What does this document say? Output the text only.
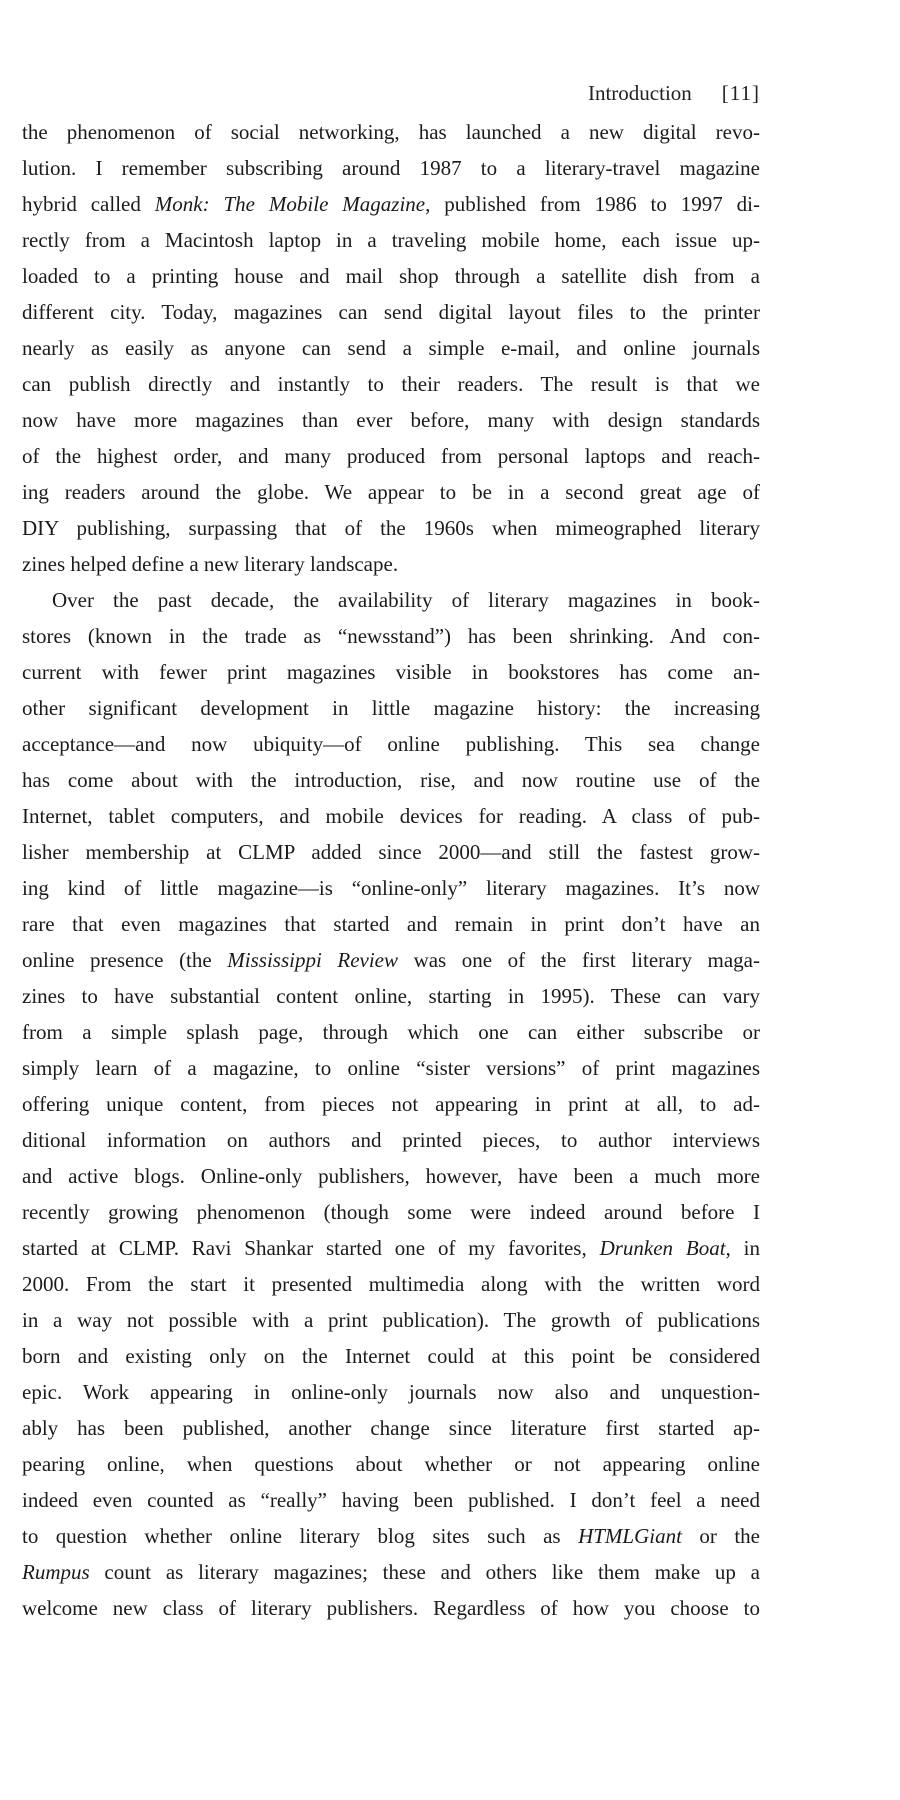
Introduction [11]
the phenomenon of social networking, has launched a new digital revo-
lution. I remember subscribing around 1987 to a literary-travel magazine
hybrid called Monk: The Mobile Magazine, published from 1986 to 1997 di-
rectly from a Macintosh laptop in a traveling mobile home, each issue up-
loaded to a printing house and mail shop through a satellite dish from a
different city. Today, magazines can send digital layout files to the printer
nearly as easily as anyone can send a simple e-mail, and online journals
can publish directly and instantly to their readers. The result is that we
now have more magazines than ever before, many with design standards
of the highest order, and many produced from personal laptops and reach-
ing readers around the globe. We appear to be in a second great age of
DIY publishing, surpassing that of the 1960s when mimeographed literary
zines helped define a new literary landscape.
Over the past decade, the availability of literary magazines in book-
stores (known in the trade as “newsstand”) has been shrinking. And con-
current with fewer print magazines visible in bookstores has come an-
other significant development in little magazine history: the increasing
acceptance—and now ubiquity—of online publishing. This sea change
has come about with the introduction, rise, and now routine use of the
Internet, tablet computers, and mobile devices for reading. A class of pub-
lisher membership at CLMP added since 2000—and still the fastest grow-
ing kind of little magazine—is “online-only” literary magazines. It’s now
rare that even magazines that started and remain in print don’t have an
online presence (the Mississippi Review was one of the first literary maga-
zines to have substantial content online, starting in 1995). These can vary
from a simple splash page, through which one can either subscribe or
simply learn of a magazine, to online “sister versions” of print magazines
offering unique content, from pieces not appearing in print at all, to ad-
ditional information on authors and printed pieces, to author interviews
and active blogs. Online-only publishers, however, have been a much more
recently growing phenomenon (though some were indeed around before I
started at CLMP. Ravi Shankar started one of my favorites, Drunken Boat, in
2000. From the start it presented multimedia along with the written word
in a way not possible with a print publication). The growth of publications
born and existing only on the Internet could at this point be considered
epic. Work appearing in online-only journals now also and unquestion-
ably has been published, another change since literature first started ap-
pearing online, when questions about whether or not appearing online
indeed even counted as “really” having been published. I don’t feel a need
to question whether online literary blog sites such as HTMLGiant or the
Rumpus count as literary magazines; these and others like them make up a
welcome new class of literary publishers. Regardless of how you choose to
